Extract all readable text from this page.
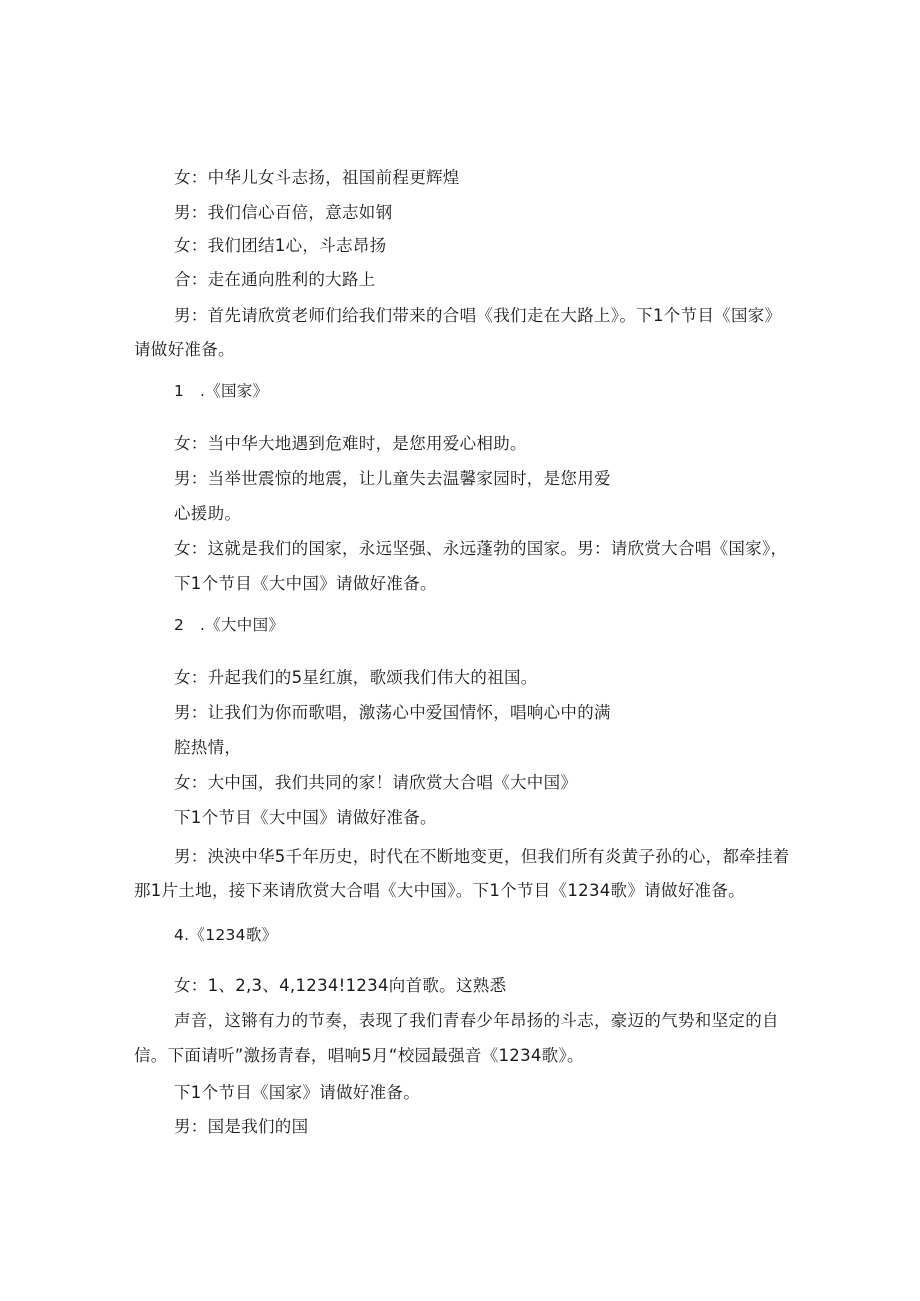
女：中华儿女斗志扬，祖国前程更辉煌
男：我们信心百倍，意志如钢
女：我们团结1心，斗志昂扬
合：走在通向胜利的大路上
男：首先请欣赏老师们给我们带来的合唱《我们走在大路上》。下1个节目《国家》
请做好准备。
1　.《国家》
女：当中华大地遇到危难时，是您用爱心相助。
男：当举世震惊的地震，让儿童失去温馨家园时，是您用爱
心援助。
女：这就是我们的国家，永远坚强、永远蓬勃的国家。男：请欣赏大合唱《国家》，
下1个节目《大中国》请做好准备。
2　.《大中国》
女：升起我们的5星红旗，歌颂我们伟大的祖国。
男：让我们为你而歌唱，激荡心中爱国情怀，唱响心中的满
腔热情，
女：大中国，我们共同的家！请欣赏大合唱《大中国》
下1个节目《大中国》请做好准备。
男：泱泱中华5千年历史，时代在不断地变更，但我们所有炎黄子孙的心，都牵挂着
那1片土地，接下来请欣赏大合唱《大中国》。下1个节目《1234歌》请做好准备。
4.《1234歌》
女：1、2,3、4,1234!1234向首歌。这熟悉
声音，这锵有力的节奏，表现了我们青春少年昂扬的斗志，豪迈的气势和坚定的自
信。下面请听”激扬青春，唱响5月“校园最强音《1234歌》。
下1个节目《国家》请做好准备。
男：国是我们的国
